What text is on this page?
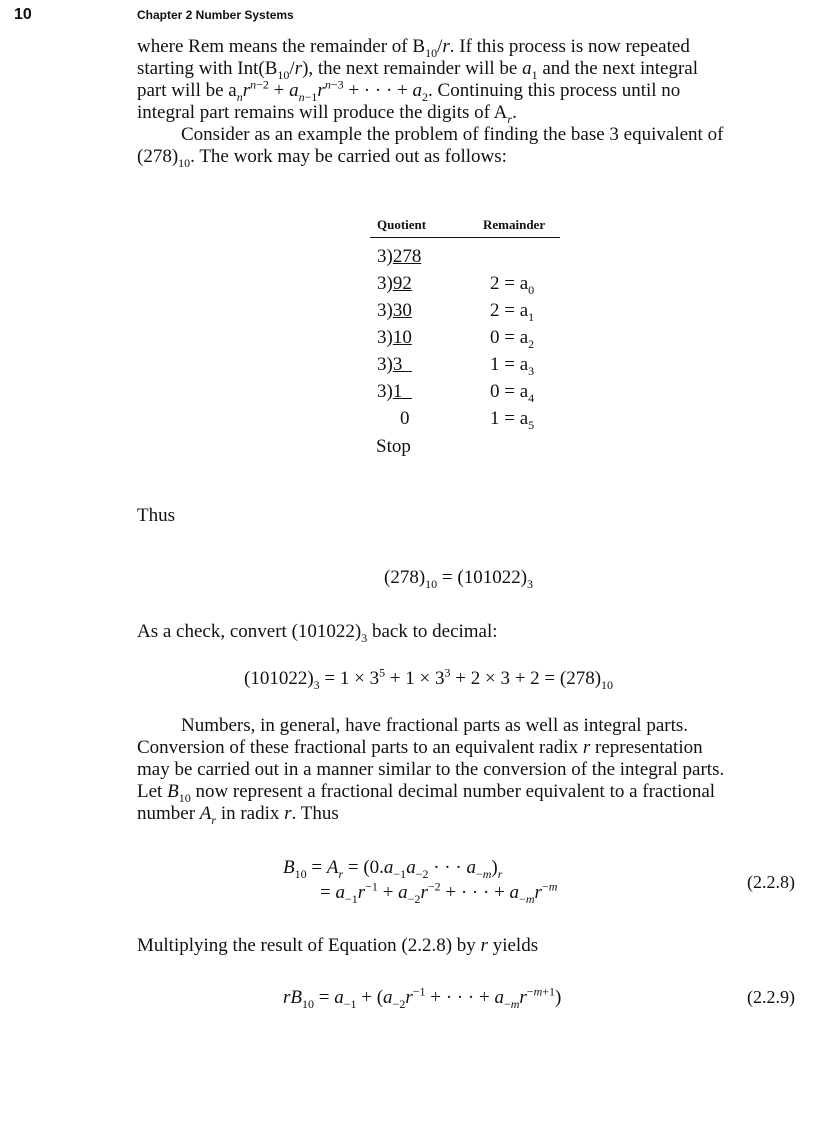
10	Chapter 2 Number Systems

where Rem means the remainder of $B_{10}/r$. If this process is now repeated

starting with $Int(B_{10}/r)$, the next remainder will be $a_1$ and the next integral

part will be $a_nr^{n-2} + a_{n-1}r^{n-3}$ + · · · + $a_2$. Continuing this process until no

integral part remains will produce the digits of $A_r$.

Consider as an example the problem of finding the base 3 equivalent of

$(278)_{10}$. The work may be carried out as follows:

Quotient	Remainder
3)278
3)92	$2 = a_0$
3)30	$2 = a_1$
3)10	$0 = a_2$
3)3	$1 = a_3$
3)1	$0 = a_4$
0	$1 = a_5$
Stop
Thus
$(278)_{10} = (101022)_3$
As a check, convert $(101022)_3$ back to decimal:
$(101022)_3 = 1 \times 3^5 + 1 \times 3^3 + 2 \times 3 + 2 = (278)_{10}$

Numbers, in general, have fractional parts as well as integral parts.

Conversion of these fractional parts to an equivalent radix r representation

may be carried out in a manner similar to the conversion of the integral parts.

Let $B_{10}$ now represent a fractional decimal number equivalent to a fractional

number $A_r$ in radix r. Thus

$B_{10} = A_r = (0.a_{-1}a_{-2}$ · · · $a_{-m})_r$
= $a_{-1}r^{-1} + a_{-2}r^{-2}$ + · · · + $a_{-m}r^{-m}$	(2.2.8)
Multiplying the result of Equation (2.2.8) by r yields
$rB_{10} = a_{-1} + (a_{-2}r^{-1}$ + · · · + $a_{-m}r^{-m+1}$)	(2.2.9)
